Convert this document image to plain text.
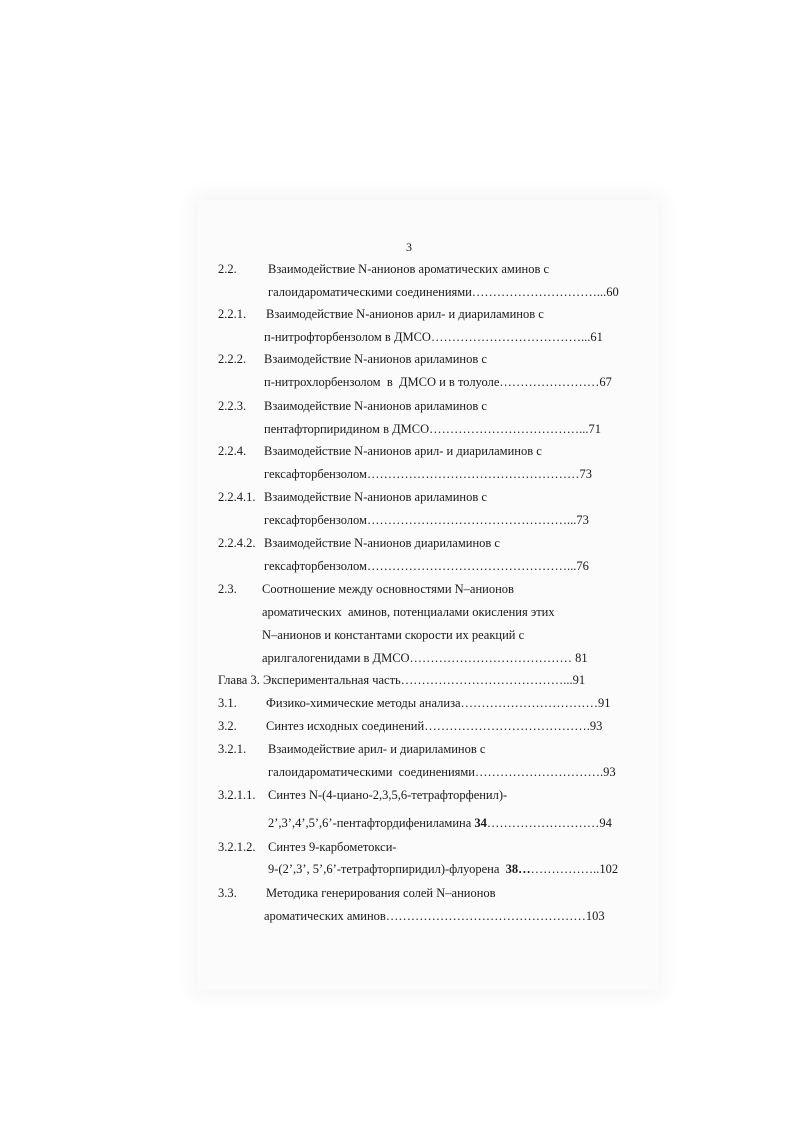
3
2.2.	Взаимодействие N-анионов ароматических аминов с
галоидароматическими соединениями…………………………...60
2.2.1. Взаимодействие N-анионов арил- и диариламинов с
п-нитрофторбензолом в ДМСО………………………………...61
2.2.2. Взаимодействие N-анионов ариламинов с
п-нитрохлорбензолом  в  ДМСО и в толуоле……………………67
2.2.3. Взаимодействие N-анионов ариламинов с
пентафторпиридином в ДМСО………………………………...71
2.2.4. Взаимодействие N-анионов арил- и диариламинов с
гексафторбензолом……………………………………………73
2.2.4.1. Взаимодействие N-анионов ариламинов с
гексафторбензолом…………………………………………...73
2.2.4.2. Взаимодействие N-анионов диариламинов с
гексафторбензолом…………………………………………...76
2.3. Соотношение между основностями N–анионов
ароматических  аминов, потенциалами окисления этих
N–анионов и константами скорости их реакций с
арилгалогенидами в ДМСО………………………………… 81
Глава 3. Экспериментальная часть…………………………………...91
3.1. Физико-химические методы анализа……………………………91
3.2. Синтез исходных соединений………………………………….93
3.2.1. Взаимодействие арил- и диариламинов с
галоидароматическими  соединениями………………………….93
3.2.1.1. Синтез N-(4-циано-2,3,5,6-тетрафторфенил)-
2’,3’,4’,5’,6’-пентафтордифениламина 34………………………94
3.2.1.2. Синтез 9-карбометокси-
9-(2’,3’, 5’,6’-тетрафторпиридил)-флуорена  38………………..102
3.3. Методика генерирования солей N–анионов
ароматических аминов…………………………………………103
